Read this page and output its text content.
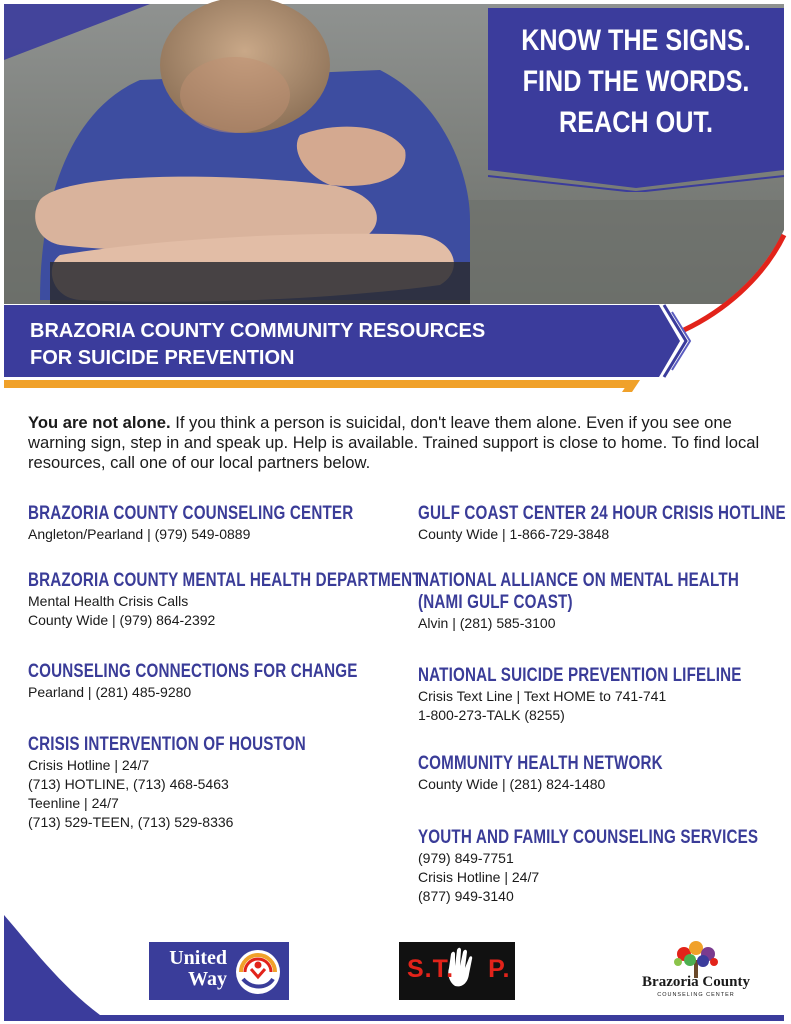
KNOW THE SIGNS.
FIND THE WORDS.
REACH OUT.
BRAZORIA COUNTY COMMUNITY RESOURCES
FOR SUICIDE PREVENTION

You are not alone. If you think a person is suicidal, don't leave them alone. Even if you see one warning sign, step in and speak up. Help is available. Trained support is close to home. To find local resources, call one of our local partners below.

BRAZORIA COUNTY COUNSELING CENTER
Angleton/Pearland | (979) 549-0889
BRAZORIA COUNTY MENTAL HEALTH DEPARTMENT
Mental Health Crisis Calls
County Wide | (979) 864-2392
COUNSELING CONNECTIONS FOR CHANGE
Pearland | (281) 485-9280
CRISIS INTERVENTION OF HOUSTON
Crisis Hotline | 24/7
(713) HOTLINE, (713) 468-5463
Teenline | 24/7
(713) 529-TEEN, (713) 529-8336
GULF COAST CENTER 24 HOUR CRISIS HOTLINE
County Wide | 1-866-729-3848
NATIONAL ALLIANCE ON MENTAL HEALTH
(NAMI GULF COAST)
Alvin | (281) 585-3100
NATIONAL SUICIDE PREVENTION LIFELINE
Crisis Text Line | Text HOME to 741-741
1-800-273-TALK (8255)
COMMUNITY HEALTH NETWORK
County Wide | (281) 824-1480
YOUTH AND FAMILY COUNSELING SERVICES
(979) 849-7751
Crisis Hotline | 24/7
(877) 949-3140
United
Way	S.T. P.	Brazoria County
COUNSELING CENTER
